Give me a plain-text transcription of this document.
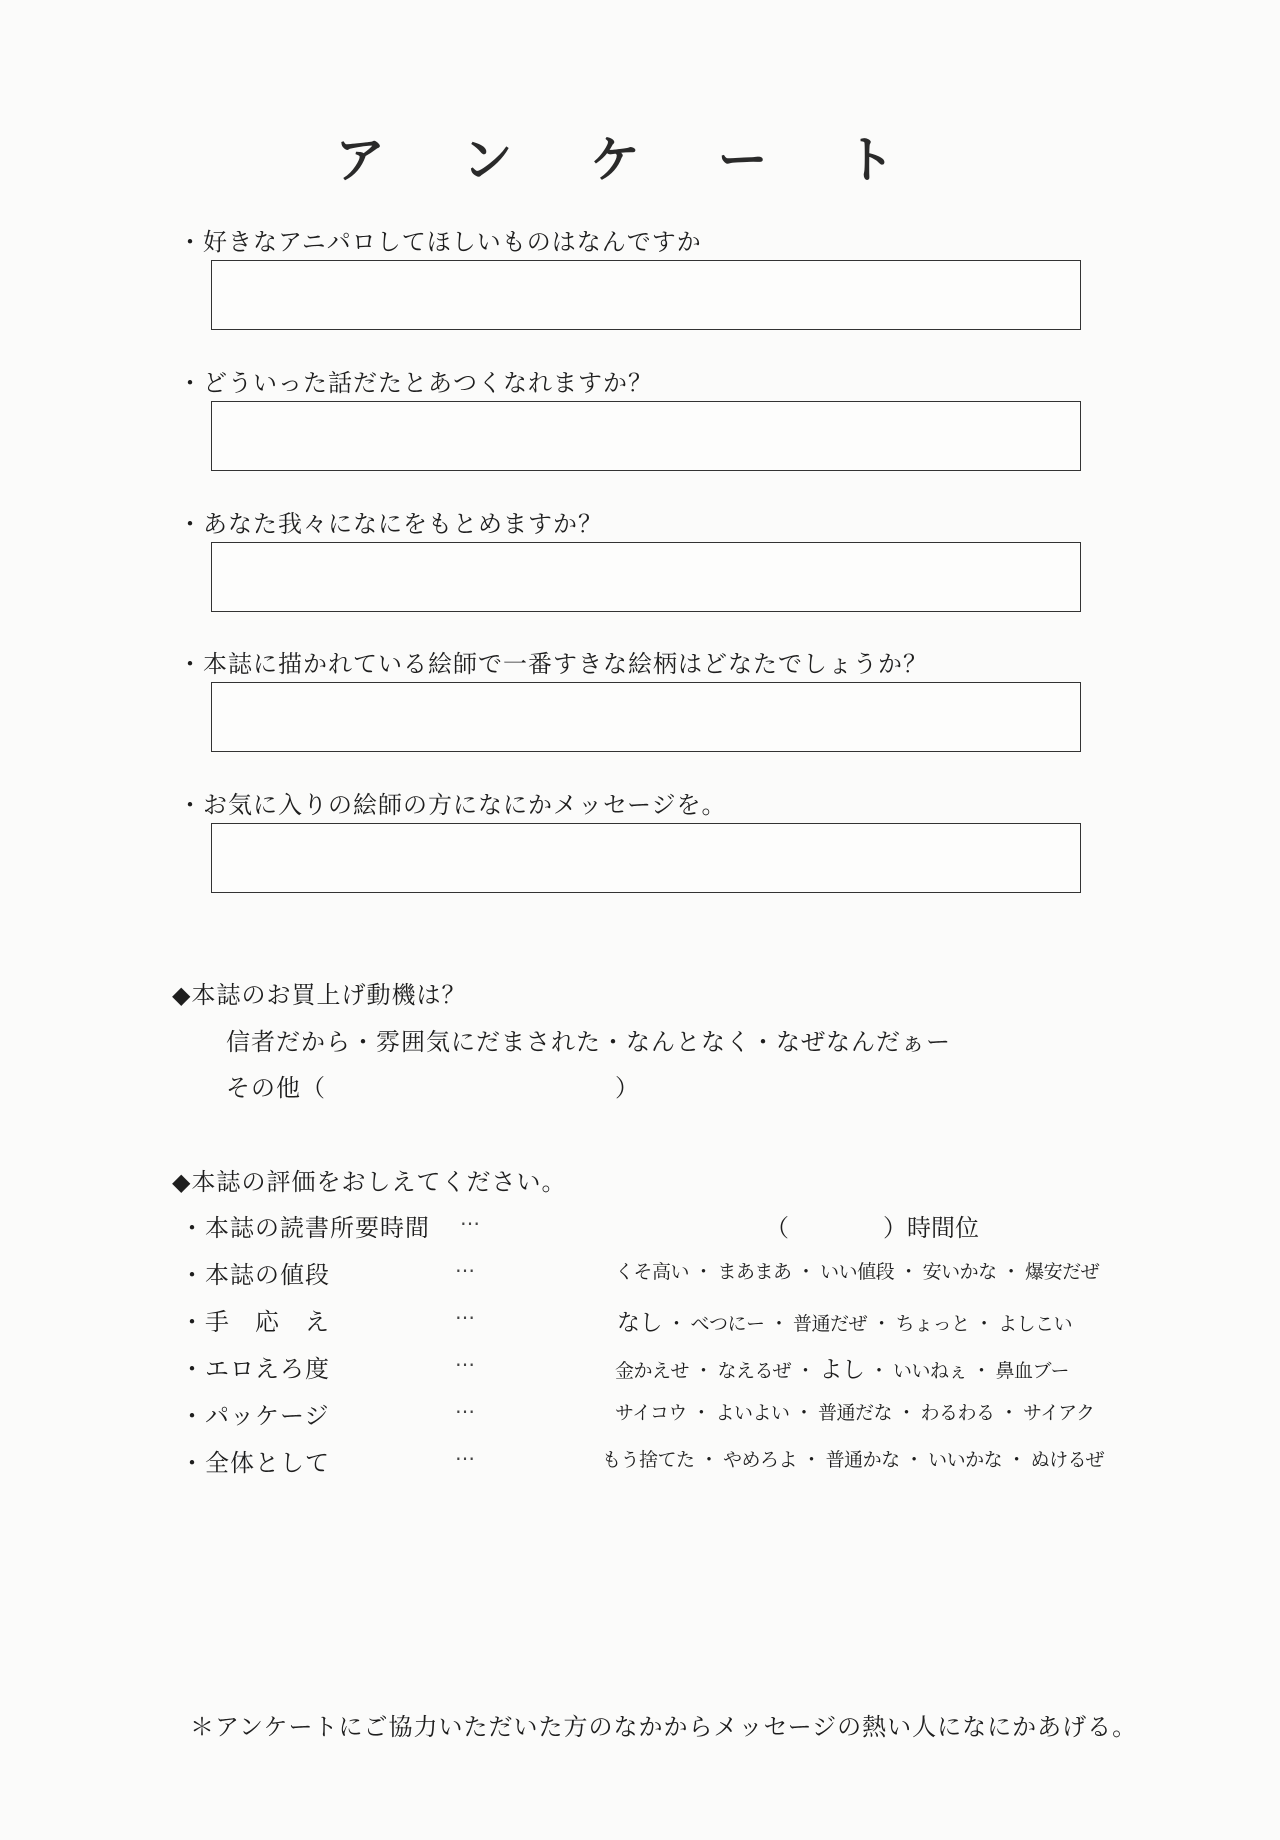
ア ン ケ ー ト
・好きなアニパロしてほしいものはなんですか
・どういった話だたとあつくなれますか？
・あなた我々になにをもとめますか？
・本誌に描かれている絵師で一番すきな絵柄はどなたでしょうか？
・お気に入りの絵師の方になにかメッセージを。
◆本誌のお買上げ動機は？
信者だから・雰囲気にだまされた・なんとなく・なぜなんだぁー
その他（	）
◆本誌の評価をおしえてください。
・本誌の読書所要時間 …	（	）時間位
・本誌の値段	…	くそ高い ・ まあまあ ・ いい値段 ・ 安いかな ・ 爆安だぜ
・手　応　え	…	なし ・ べつにー ・ 普通だぜ ・ ちょっと ・ よしこい
・エロえろ度	…	金かえせ ・ なえるぜ ・ よし ・ いいねぇ ・ 鼻血ブー
・パッケージ	…	サイコウ ・ よいよい ・ 普通だな ・ わるわる ・ サイアク
・全体として	…	もう捨てた ・ やめろよ ・ 普通かな ・ いいかな ・ ぬけるぜ
＊アンケートにご協力いただいた方のなかからメッセージの熱い人になにかあげる。
